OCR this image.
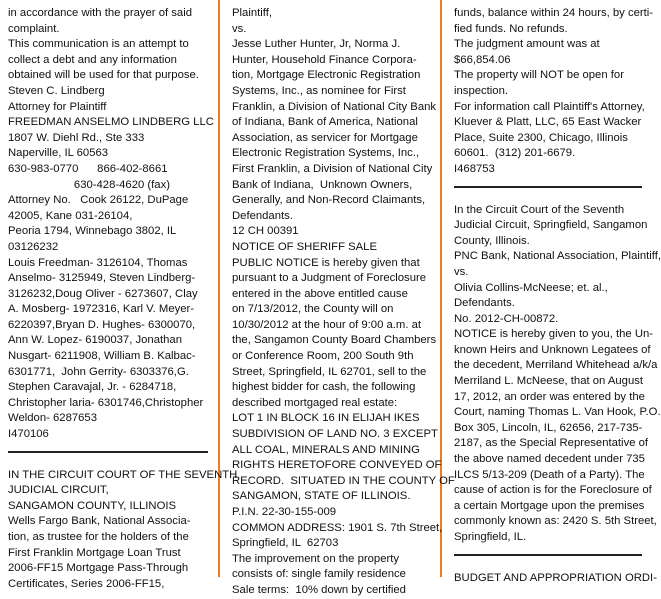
in accordance with the prayer of said
complaint.
This communication is an attempt to
collect a debt and any information
obtained will be used for that purpose.
Steven C. Lindberg
Attorney for Plaintiff
FREEDMAN ANSELMO LINDBERG LLC
1807 W. Diehl Rd., Ste 333
Naperville, IL 60563
630-983-0770      866-402-8661
630-428-4620 (fax)
Attorney No.   Cook 26122, DuPage
42005, Kane 031-26104,
Peoria 1794, Winnebago 3802, IL
03126232
Louis Freedman- 3126104, Thomas
Anselmo- 3125949, Steven Lindberg-
3126232,Doug Oliver - 6273607, Clay
A. Mosberg- 1972316, Karl V. Meyer-
6220397,Bryan D. Hughes- 6300070,
Ann W. Lopez- 6190037, Jonathan
Nusgart- 6211908, William B. Kalbac-
6301771,  John Gerrity- 6303376,G.
Stephen Caravajal, Jr. - 6284718,
Christopher laria- 6301746,Christopher
Weldon- 6287653
I470106
IN THE CIRCUIT COURT OF THE SEVENTH
JUDICIAL CIRCUIT,
SANGAMON COUNTY, ILLINOIS
Wells Fargo Bank, National Associa-
tion, as trustee for the holders of the
First Franklin Mortgage Loan Trust
2006-FF15 Mortgage Pass-Through
Certificates, Series 2006-FF15,
Plaintiff,
vs.
Jesse Luther Hunter, Jr, Norma J.
Hunter, Household Finance Corpora-
tion, Mortgage Electronic Registration
Systems, Inc., as nominee for First
Franklin, a Division of National City Bank
of Indiana, Bank of America, National
Association, as servicer for Mortgage
Electronic Registration Systems, Inc.,
First Franklin, a Division of National City
Bank of Indiana,  Unknown Owners,
Generally, and Non-Record Claimants,
Defendants.
12 CH 00391
NOTICE OF SHERIFF SALE
PUBLIC NOTICE is hereby given that
pursuant to a Judgment of Foreclosure
entered in the above entitled cause
on 7/13/2012, the County will on
10/30/2012 at the hour of 9:00 a.m. at
the, Sangamon County Board Chambers
or Conference Room, 200 South 9th
Street, Springfield, IL 62701, sell to the
highest bidder for cash, the following
described mortgaged real estate:
LOT 1 IN BLOCK 16 IN ELIJAH IKES
SUBDIVISION OF LAND NO. 3 EXCEPT
ALL COAL, MINERALS AND MINING
RIGHTS HERETOFORE CONVEYED OF
RECORD.  SITUATED IN THE COUNTY OF
SANGAMON, STATE OF ILLINOIS.
P.I.N. 22-30-155-009
COMMON ADDRESS: 1901 S. 7th Street,
Springfield, IL  62703
The improvement on the property
consists of: single family residence
Sale terms:  10% down by certified
funds, balance within 24 hours, by certi-
fied funds. No refunds.
The judgment amount was at
$66,854.06
The property will NOT be open for
inspection.
For information call Plaintiff's Attorney,
Kluever & Platt, LLC, 65 East Wacker
Place, Suite 2300, Chicago, Illinois
60601.  (312) 201-6679.
I468753
In the Circuit Court of the Seventh
Judicial Circuit, Springfield, Sangamon
County, Illinois.
PNC Bank, National Association, Plaintiff,
vs.
Olivia Collins-McNeese; et. al.,
Defendants.
No. 2012-CH-00872.
NOTICE is hereby given to you, the Un-
known Heirs and Unknown Legatees of
the decedent, Merriland Whitehead a/k/a
Merriland L. McNeese, that on August
17, 2012, an order was entered by the
Court, naming Thomas L. Van Hook, P.O.
Box 305, Lincoln, IL, 62656, 217-735-
2187, as the Special Representative of
the above named decedent under 735
ILCS 5/13-209 (Death of a Party). The
cause of action is for the Foreclosure of
a certain Mortgage upon the premises
commonly known as: 2420 S. 5th Street,
Springfield, IL.
BUDGET AND APPROPRIATION ORDI-
